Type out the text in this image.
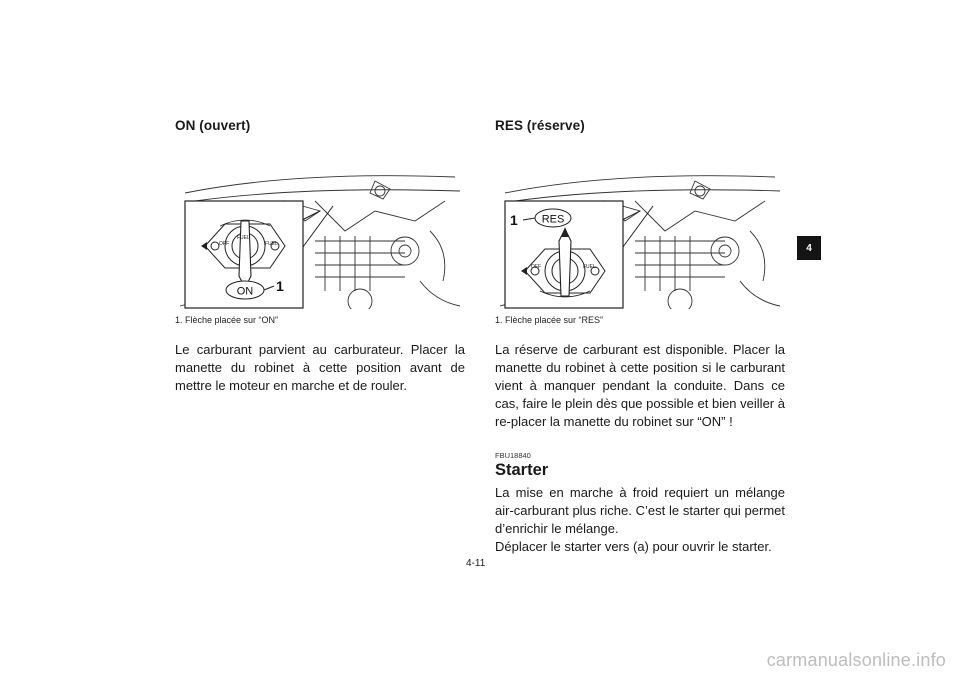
ON (ouvert)
OFF
FUEL
FUEL
ON 1
1. Flèche placée sur “ON”
Le carburant parvient au carburateur. Placer la manette du robinet à cette position avant de mettre le moteur en marche et de rouler.
RES (réserve)
RES
1
OFF	FUEL
1. Flèche placée sur “RES”
La réserve de carburant est disponible. Placer la manette du robinet à cette position si le carburant vient à manquer pendant la conduite. Dans ce cas, faire le plein dès que possible et bien veiller à re-placer la manette du robinet sur “ON” !
FBU18840
Starter
La mise en marche à froid requiert un mélange air-carburant plus riche. C’est le starter qui permet d’enrichir le mélange.
Déplacer le starter vers (a) pour ouvrir le starter.
4-11
4
carmanualsonline.info
